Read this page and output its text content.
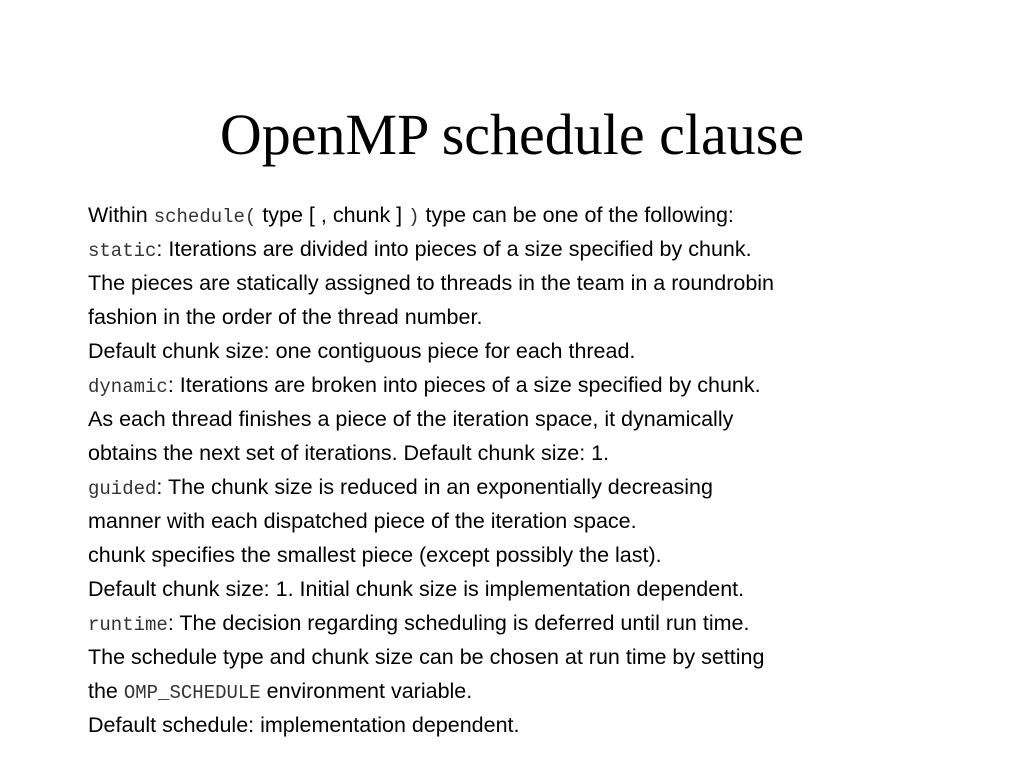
OpenMP schedule clause
Within schedule( type [ , chunk ] ) type can be one of the following:
static: Iterations are divided into pieces of a size specified by chunk.
The pieces are statically assigned to threads in the team in a roundrobin
fashion in the order of the thread number.
Default chunk size: one contiguous piece for each thread.
dynamic: Iterations are broken into pieces of a size specified by chunk.
As each thread finishes a piece of the iteration space, it dynamically
obtains the next set of iterations. Default chunk size: 1.
guided: The chunk size is reduced in an exponentially decreasing
manner with each dispatched piece of the iteration space.
chunk specifies the smallest piece (except possibly the last).
Default chunk size: 1. Initial chunk size is implementation dependent.
runtime: The decision regarding scheduling is deferred until run time.
The schedule type and chunk size can be chosen at run time by setting
the OMP_SCHEDULE environment variable.
Default schedule: implementation dependent.
